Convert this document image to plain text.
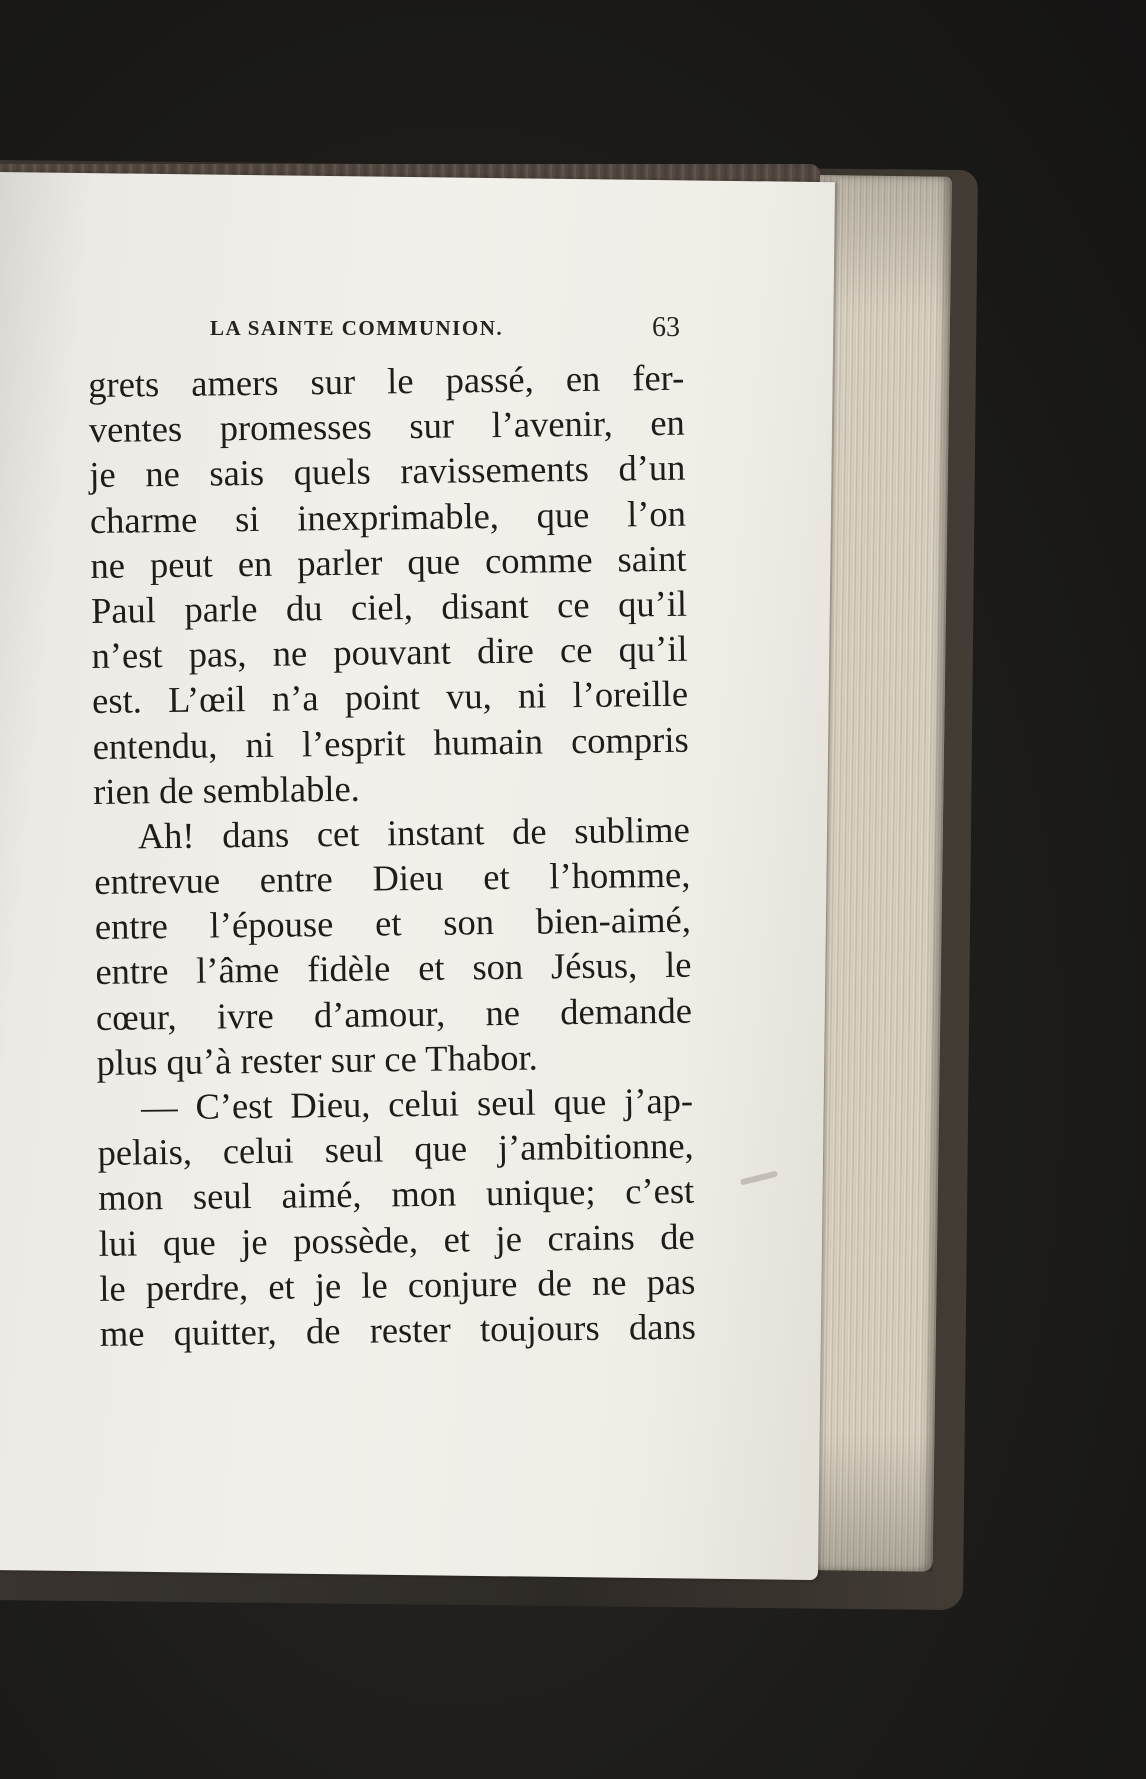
LA SAINTE COMMUNION.	63
grets amers sur le passé, en fer-
ventes promesses sur l’avenir, en
je ne sais quels ravissements d’un
charme si inexprimable, que l’on
ne peut en parler que comme saint
Paul parle du ciel, disant ce qu’il
n’est pas, ne pouvant dire ce qu’il
est. L’œil n’a point vu, ni l’oreille
entendu, ni l’esprit humain compris
rien de semblable.
Ah! dans cet instant de sublime
entrevue entre Dieu et l’homme,
entre l’épouse et son bien-aimé,
entre l’âme fidèle et son Jésus, le
cœur, ivre d’amour, ne demande
plus qu’à rester sur ce Thabor.
— C’est Dieu, celui seul que j’ap-
pelais, celui seul que j’ambitionne,
mon seul aimé, mon unique; c’est
lui que je possède, et je crains de
le perdre, et je le conjure de ne pas
me quitter, de rester toujours dans
